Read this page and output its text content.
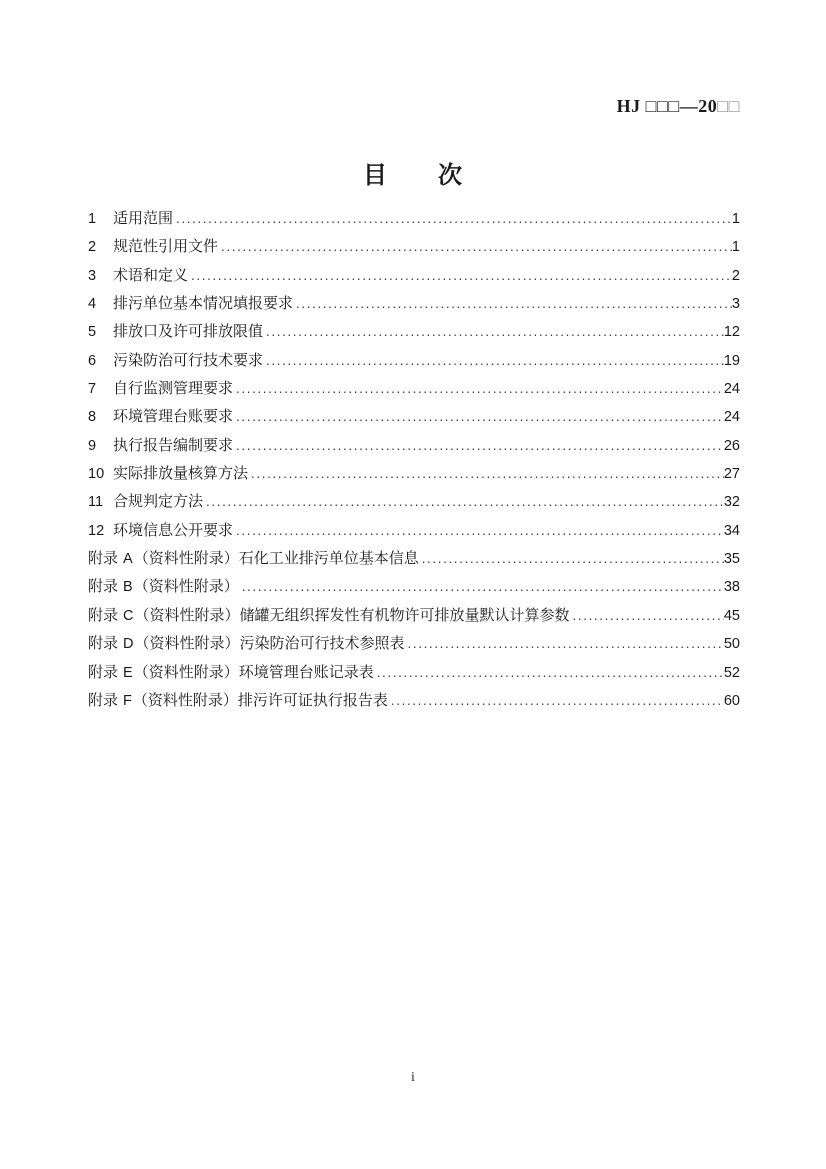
HJ □□□—20□□
目　　次
1	适用范围 .....	1
2	规范性引用文件 .....	1
3	术语和定义 .....	2
4	排污单位基本情况填报要求 .....	3
5	排放口及许可排放限值 .....	12
6	污染防治可行技术要求 .....	19
7	自行监测管理要求 .....	24
8	环境管理台账要求 .....	24
9	执行报告编制要求 .....	26
10 实际排放量核算方法 .....	27
11 合规判定方法 .....	32
12 环境信息公开要求 .....	34
附录 A （资料性附录）石化工业排污单位基本信息 .....	35
附录 B （资料性附录） .....	38
附录 C （资料性附录）储罐无组织挥发性有机物许可排放量默认计算参数 .....	45
附录 D （资料性附录）污染防治可行技术参照表 .....	50
附录 E （资料性附录）环境管理台账记录表 .....	52
附录 F （资料性附录）排污许可证执行报告表 .....	60
i
